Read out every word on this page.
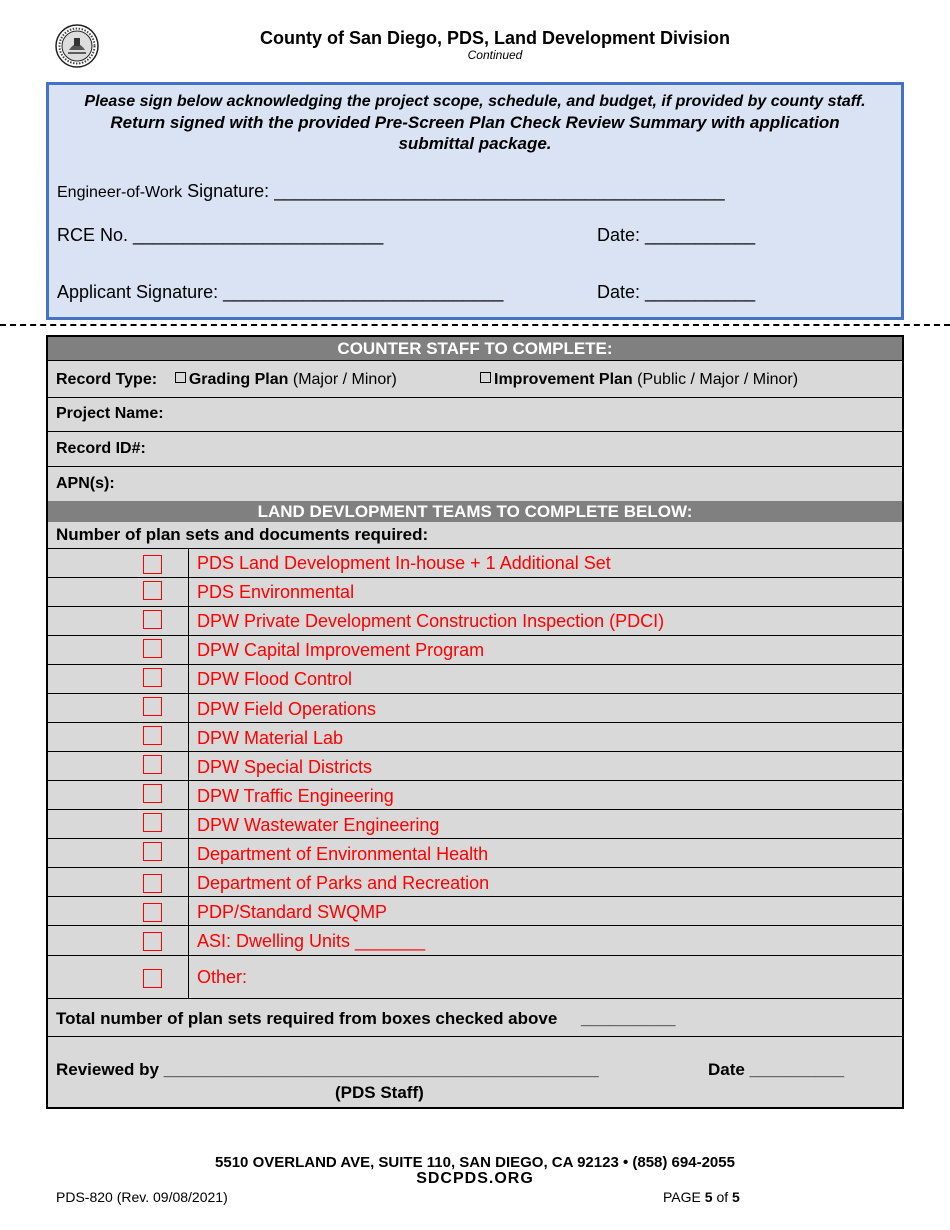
County of San Diego, PDS, Land Development Division
Continued
Please sign below acknowledging the project scope, schedule, and budget, if provided by county staff.
Return signed with the provided Pre-Screen Plan Check Review Summary with application
submittal package.
Engineer-of-Work Signature: _____________________________________________
RCE No. _________________________	Date: ___________
Applicant Signature: ____________________________	Date: ___________
COUNTER STAFF TO COMPLETE:
Record Type: Grading Plan (Major / Minor)	Improvement Plan (Public / Major / Minor)
Project Name:
Record ID#:
APN(s):
LAND DEVLOPMENT TEAMS TO COMPLETE BELOW:
Number of plan sets and documents required:
PDS Land Development In-house + 1 Additional Set
PDS Environmental
DPW Private Development Construction Inspection (PDCI)
DPW Capital Improvement Program
DPW Flood Control
DPW Field Operations
DPW Material Lab
DPW Special Districts
DPW Traffic Engineering
DPW Wastewater Engineering
Department of Environmental Health
Department of Parks and Recreation
PDP/Standard SWQMP
ASI: Dwelling Units _______
Other:
Total number of plan sets required from boxes checked above __________
Reviewed by ______________________________________________	Date __________
(PDS Staff)
5510 OVERLAND AVE, SUITE 110, SAN DIEGO, CA 92123 • (858) 694-2055
SDCPDS.ORG
PDS-820 (Rev. 09/08/2021)	PAGE 5 of 5
